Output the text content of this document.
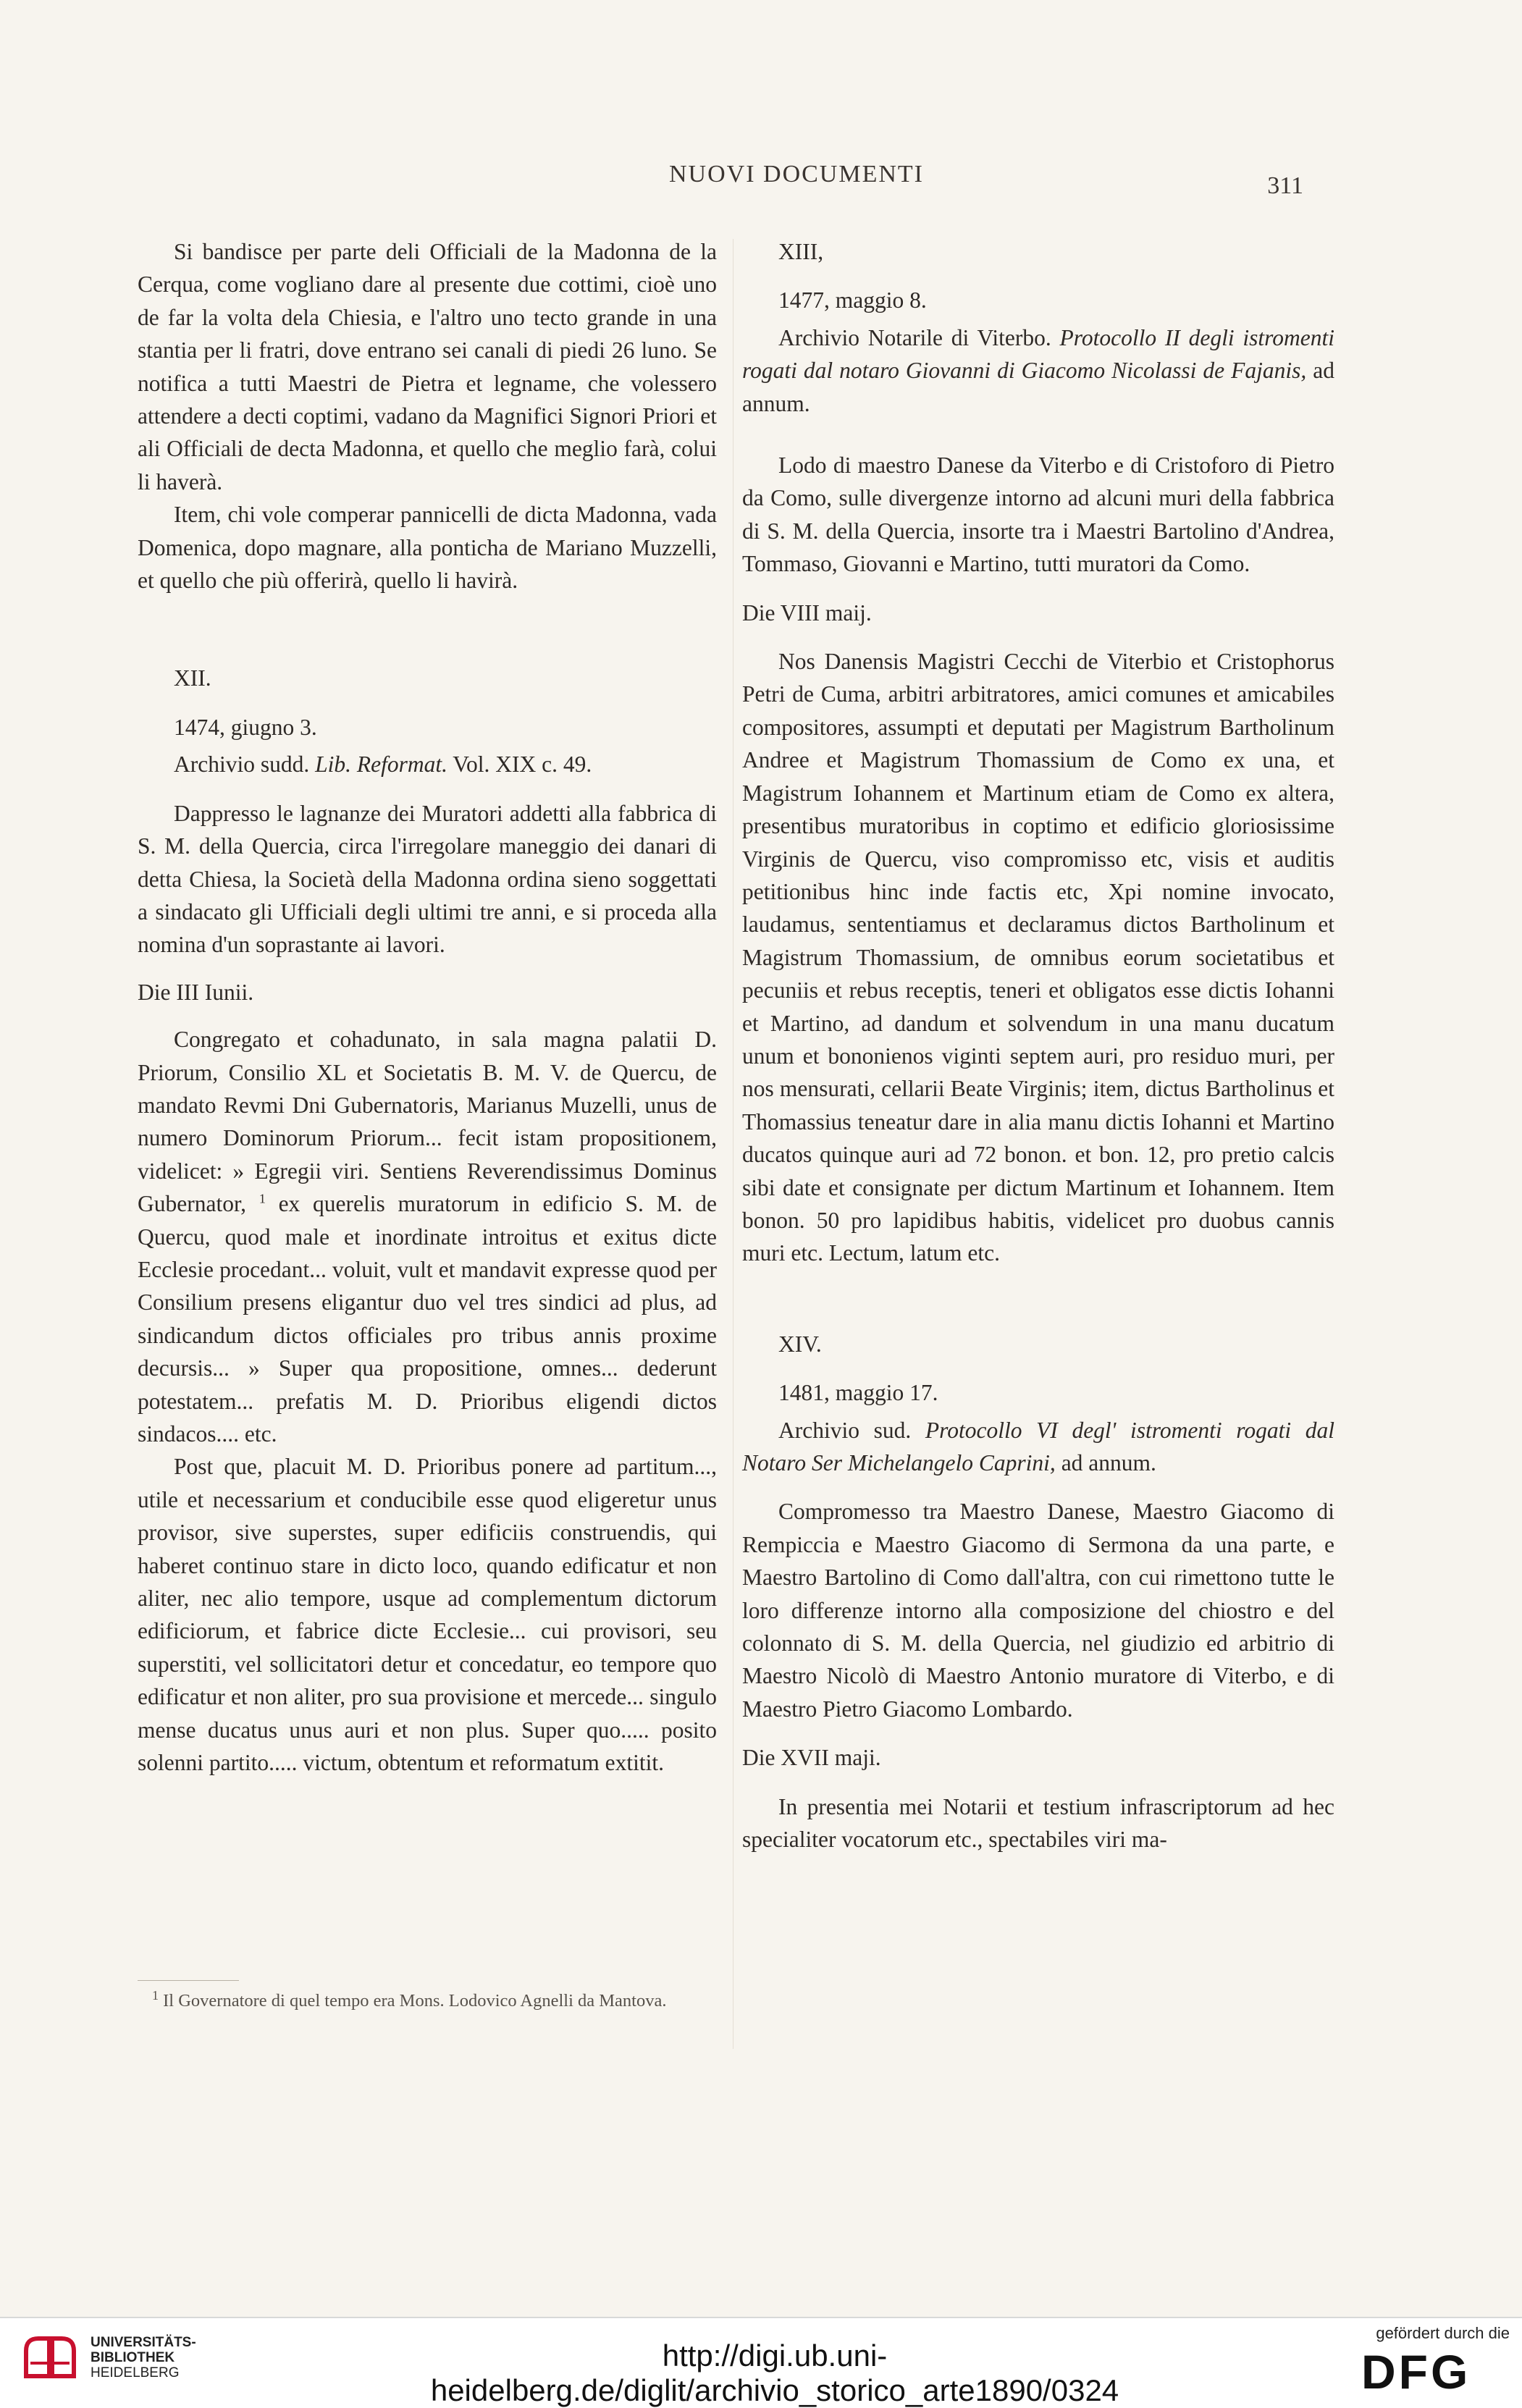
NUOVI DOCUMENTI	311

Si bandisce per parte deli Officiali de la Madonna de la Cerqua, come vogliano dare al presente due cottimi, cioè uno de far la volta dela Chiesia, e l'altro uno tecto grande in una stantia per li fratri, dove entrano sei canali di piedi 26 luno. Se notifica a tutti Maestri de Pietra et legname, che volessero attendere a decti coptimi, vadano da Magnifici Signori Priori et ali Officiali de decta Madonna, et quello che meglio farà, colui li haverà.

Item, chi vole comperar pannicelli de dicta Madonna, vada Domenica, dopo magnare, alla ponticha de Mariano Muzzelli, et quello che più offerirà, quello li havirà.

XII.

1474, giugno 3.

Archivio sudd. Lib. Reformat. Vol. XIX c. 49.

Dappresso le lagnanze dei Muratori addetti alla fabbrica di S. M. della Quercia, circa l'irregolare maneggio dei danari di detta Chiesa, la Società della Madonna ordina sieno soggettati a sindacato gli Ufficiali degli ultimi tre anni, e si proceda alla nomina d'un soprastante ai lavori.

Die III Iunii.

Congregato et cohadunato, in sala magna palatii D. Priorum, Consilio XL et Societatis B. M. V. de Quercu, de mandato Revmi Dni Gubernatoris, Marianus Muzelli, unus de numero Dominorum Priorum... fecit istam propositionem, videlicet: » Egregii viri. Sentiens Reverendissimus Dominus Gubernator, $^1$ ex querelis muratorum in edificio S. M. de Quercu, quod male et inordinate introitus et exitus dicte Ecclesie procedant... voluit, vult et mandavit expresse quod per Consilium presens eligantur duo vel tres sindici ad plus, ad sindicandum dictos officiales pro tribus annis proxime decursis... » Super qua propositione, omnes... dederunt potestatem... prefatis M. D. Prioribus eligendi dictos sindacos.... etc.

Post que, placuit M. D. Prioribus ponere ad partitum..., utile et necessarium et conducibile esse quod eligeretur unus provisor, sive superstes, super edificiis construendis, qui haberet continuo stare in dicto loco, quando edificatur et non aliter, nec alio tempore, usque ad complementum dictorum edificiorum, et fabrice dicte Ecclesie... cui provisori, seu superstiti, vel sollicitatori detur et concedatur, eo tempore quo edificatur et non aliter, pro sua provisione et mercede... singulo mense ducatus unus auri et non plus. Super quo..... posito solenni partito..... victum, obtentum et reformatum extitit.

$^1$ Il Governatore di quel tempo era Mons. Lodovico Agnelli da Mantova.

XIII,

1477, maggio 8.

Archivio Notarile di Viterbo. Protocollo II degli istromenti rogati dal notaro Giovanni di Giacomo Nicolassi de Fajanis, ad annum.

Lodo di maestro Danese da Viterbo e di Cristoforo di Pietro da Como, sulle divergenze intorno ad alcuni muri della fabbrica di S. M. della Quercia, insorte tra i Maestri Bartolino d'Andrea, Tommaso, Giovanni e Martino, tutti muratori da Como.

Die VIII maij.

Nos Danensis Magistri Cecchi de Viterbio et Cristophorus Petri de Cuma, arbitri arbitratores, amici comunes et amicabiles compositores, assumpti et deputati per Magistrum Bartholinum Andree et Magistrum Thomassium de Como ex una, et Magistrum Iohannem et Martinum etiam de Como ex altera, presentibus muratoribus in coptimo et edificio gloriosissime Virginis de Quercu, viso compromisso etc, visis et auditis petitionibus hinc inde factis etc, Xpi nomine invocato, laudamus, sententiamus et declaramus dictos Bartholinum et Magistrum Thomassium, de omnibus eorum societatibus et pecuniis et rebus receptis, teneri et obligatos esse dictis Iohanni et Martino, ad dandum et solvendum in una manu ducatum unum et bononienos viginti septem auri, pro residuo muri, per nos mensurati, cellarii Beate Virginis; item, dictus Bartholinus et Thomassius teneatur dare in alia manu dictis Iohanni et Martino ducatos quinque auri ad 72 bonon. et bon. 12, pro pretio calcis sibi date et consignate per dictum Martinum et Iohannem. Item bonon. 50 pro lapidibus habitis, videlicet pro duobus cannis muri etc. Lectum, latum etc.

XIV.

1481, maggio 17.

Archivio sud. Protocollo VI degl' istromenti rogati dal Notaro Ser Michelangelo Caprini, ad annum.

Compromesso tra Maestro Danese, Maestro Giacomo di Rempiccia e Maestro Giacomo di Sermona da una parte, e Maestro Bartolino di Como dall'altra, con cui rimettono tutte le loro differenze intorno alla composizione del chiostro e del colonnato di S. M. della Quercia, nel giudizio ed arbitrio di Maestro Nicolò di Maestro Antonio muratore di Viterbo, e di Maestro Pietro Giacomo Lombardo.

Die XVII maji.

In presentia mei Notarii et testium infrascriptorum ad hec specialiter vocatorum etc., spectabiles viri ma-

UNIVERSITÄTS-
BIBLIOTHEK
HEIDELBERG
http://digi.ub.uni-heidelberg.de/diglit/archivio_storico_arte1890/0324
gefördert durch die
DFG
